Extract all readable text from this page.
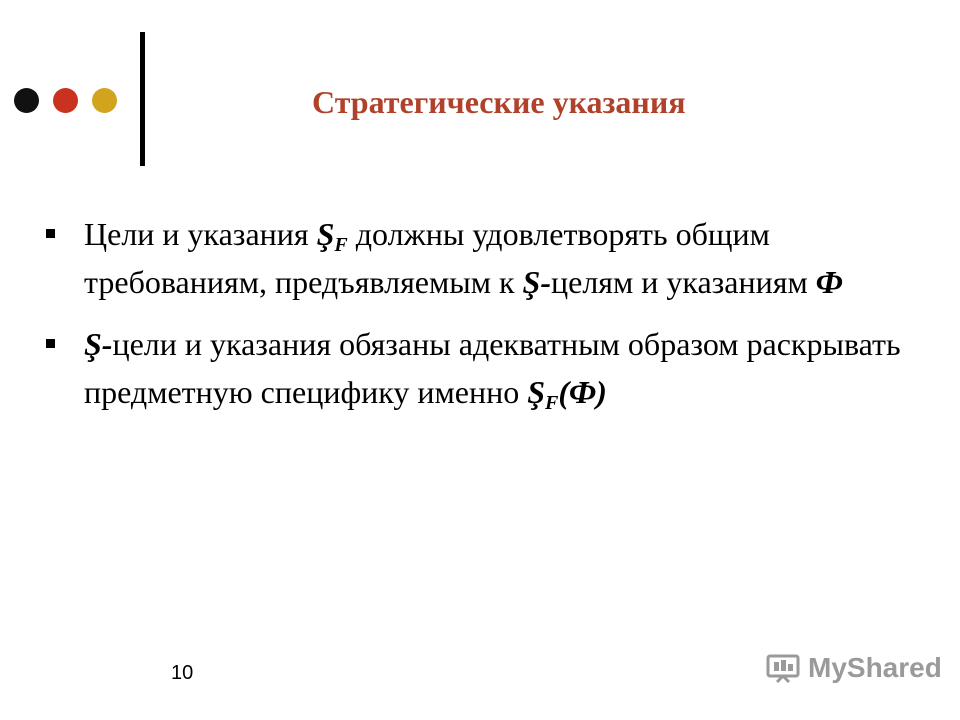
Стратегические указания
Цели и указания $Ş_F$ должны удовлетворять общим требованиям, предъявляемым к Ş-целям и указаниям Ф
Ş-цели и указания обязаны адекватным образом раскрывать предметную специфику именно $Ş_F(Ф)$
10	MyShared
